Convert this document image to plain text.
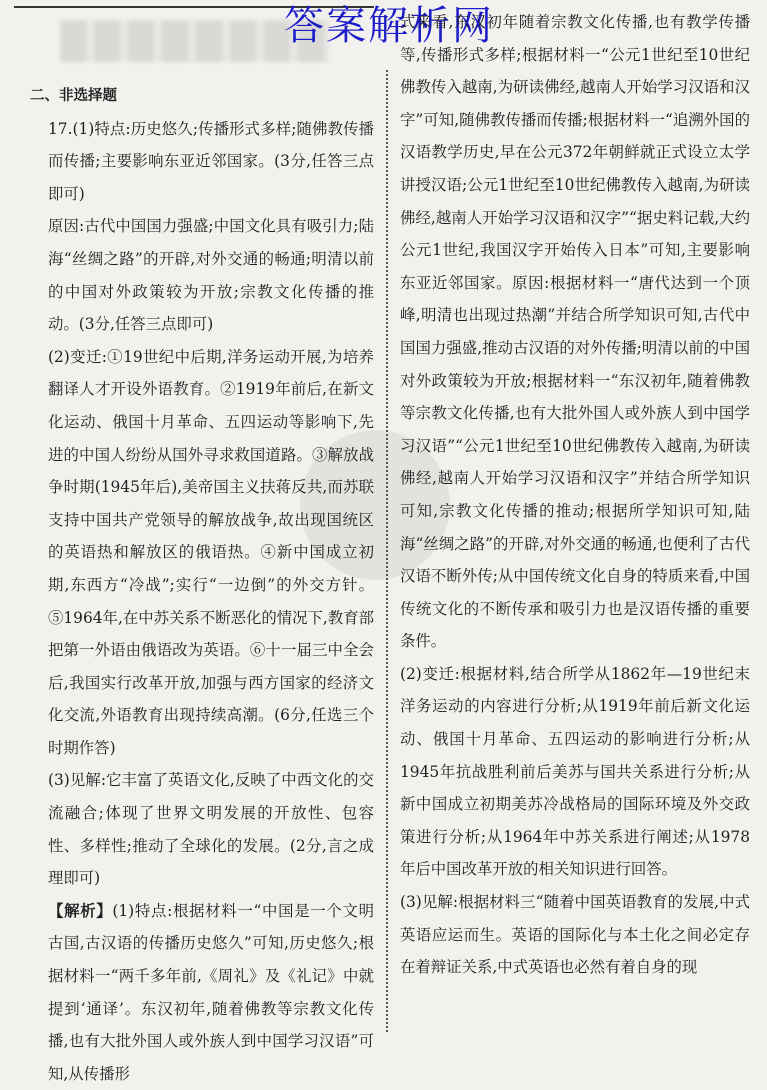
答案解析网

二、非选择题

17.(1)特点:历史悠久;传播形式多样;随佛教传播而传播;主要影响东亚近邻国家。(3分,任答三点即可)

原因:古代中国国力强盛;中国文化具有吸引力;陆海“丝绸之路”的开辟,对外交通的畅通;明清以前的中国对外政策较为开放;宗教文化传播的推动。(3分,任答三点即可)

(2)变迁:①19世纪中后期,洋务运动开展,为培养翻译人才开设外语教育。②1919年前后,在新文化运动、俄国十月革命、五四运动等影响下,先进的中国人纷纷从国外寻求救国道路。③解放战争时期(1945年后),美帝国主义扶蒋反共,而苏联支持中国共产党领导的解放战争,故出现国统区的英语热和解放区的俄语热。④新中国成立初期,东西方“冷战”;实行“一边倒”的外交方针。⑤1964年,在中苏关系不断恶化的情况下,教育部把第一外语由俄语改为英语。⑥十一届三中全会后,我国实行改革开放,加强与西方国家的经济文化交流,外语教育出现持续高潮。(6分,任选三个时期作答)

(3)见解:它丰富了英语文化,反映了中西文化的交流融合;体现了世界文明发展的开放性、包容性、多样性;推动了全球化的发展。(2分,言之成理即可)

【解析】(1)特点:根据材料一“中国是一个文明古国,古汉语的传播历史悠久”可知,历史悠久;根据材料一“两千多年前,《周礼》及《礼记》中就提到‘通译’。东汉初年,随着佛教等宗教文化传播,也有大批外国人或外族人到中国学习汉语”可知,从传播形

式来看,东汉初年随着宗教文化传播,也有教学传播等,传播形式多样;根据材料一“公元1世纪至10世纪佛教传入越南,为研读佛经,越南人开始学习汉语和汉字”可知,随佛教传播而传播;根据材料一“追溯外国的汉语教学历史,早在公元372年朝鲜就正式设立太学讲授汉语;公元1世纪至10世纪佛教传入越南,为研读佛经,越南人开始学习汉语和汉字”“据史料记载,大约公元1世纪,我国汉字开始传入日本”可知,主要影响东亚近邻国家。原因:根据材料一“唐代达到一个顶峰,明清也出现过热潮”并结合所学知识可知,古代中国国力强盛,推动古汉语的对外传播;明清以前的中国对外政策较为开放;根据材料一“东汉初年,随着佛教等宗教文化传播,也有大批外国人或外族人到中国学习汉语”“公元1世纪至10世纪佛教传入越南,为研读佛经,越南人开始学习汉语和汉字”并结合所学知识可知,宗教文化传播的推动;根据所学知识可知,陆海“丝绸之路”的开辟,对外交通的畅通,也便利了古代汉语不断外传;从中国传统文化自身的特质来看,中国传统文化的不断传承和吸引力也是汉语传播的重要条件。

(2)变迁:根据材料,结合所学从1862年—19世纪末洋务运动的内容进行分析;从1919年前后新文化运动、俄国十月革命、五四运动的影响进行分析;从1945年抗战胜利前后美苏与国共关系进行分析;从新中国成立初期美苏冷战格局的国际环境及外交政策进行分析;从1964年中苏关系进行阐述;从1978年后中国改革开放的相关知识进行回答。

(3)见解:根据材料三“随着中国英语教育的发展,中式英语应运而生。英语的国际化与本土化之间必定存在着辩证关系,中式英语也必然有着自身的现
